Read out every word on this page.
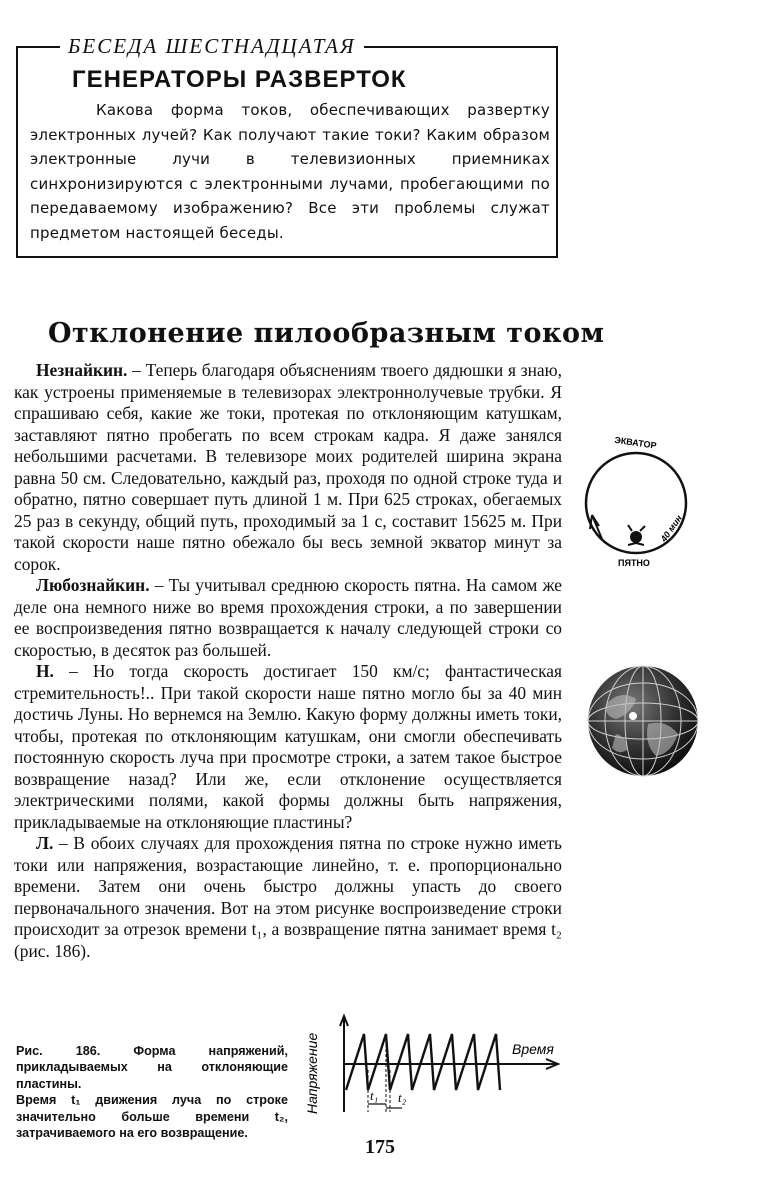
БЕСЕДА ШЕСТНАДЦАТАЯ
ГЕНЕРАТОРЫ РАЗВЕРТОК
Какова форма токов, обеспечивающих развертку электронных лучей? Как получают такие токи? Каким образом электронные лучи в телевизионных приемниках синхронизируются с электронными лучами, пробегающими по передаваемому изображению? Все эти проблемы служат предметом настоящей беседы.
Отклонение пилообразным током

Незнайкин. – Теперь благодаря объяснениям твоего дядюшки я знаю, как устроены применяемые в телевизорах электроннолучевые трубки. Я спрашиваю себя, какие же токи, протекая по отклоняющим катушкам, заставляют пятно пробегать по всем строкам кадра. Я даже занялся небольшими расчетами. В телевизоре моих родителей ширина экрана равна 50 см. Следовательно, каждый раз, проходя по одной строке туда и обратно, пятно совершает путь длиной 1 м. При 625 строках, обегаемых 25 раз в секунду, общий путь, проходимый за 1 с, составит 15625 м. При такой скорости наше пятно обежало бы весь земной экватор минут за сорок.

Любознайкин. – Ты учитывал среднюю скорость пятна. На самом же деле она немного ниже во время прохождения строки, а по завершении ее воспроизведения пятно возвращается к началу следующей строки со скоростью, в десяток раз большей.

Н. – Но тогда скорость достигает 150 км/с; фантастическая стремительность!.. При такой скорости наше пятно могло бы за 40 мин достичь Луны. Но вернемся на Землю. Какую форму должны иметь токи, чтобы, протекая по отклоняющим катушкам, они смогли обеспечивать постоянную скорость луча при просмотре строки, а затем такое быстрое возвращение назад? Или же, если отклонение осуществляется электрическими полями, какой формы должны быть напряжения, прикладываемые на отклоняющие пластины?

Л. – В обоих случаях для прохождения пятна по строке нужно иметь токи или напряжения, возрастающие линейно, т. е. пропорционально времени. Затем они очень быстро должны упасть до своего первоначального значения. Вот на этом рисунке воспроизведение строки происходит за отрезок времени t₁, а возвращение пятна занимает время t₂ (рис. 186).

ЭКВАТОР
ПЯТНО
40 мин
Рис. 186. Форма напряжений, прикладываемых на отклоняющие пластины.
Время t₁ движения луча по строке значительно больше времени t₂, затрачиваемого на его возвращение.
Напряжение	Время
t₁ t₂
175
